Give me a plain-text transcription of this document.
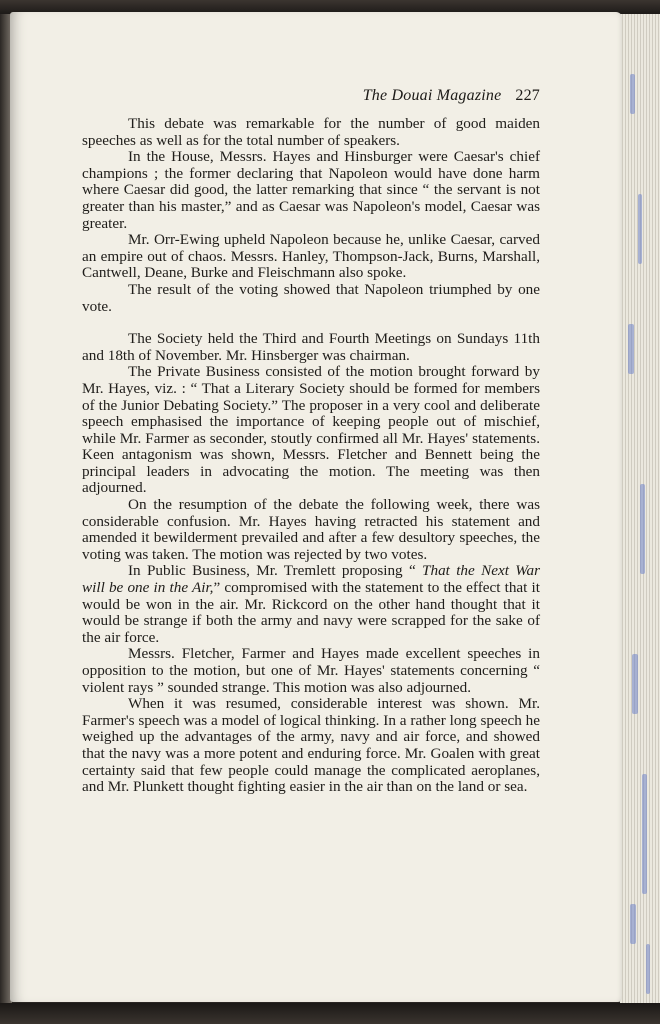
The Douai Magazine 227

This debate was remarkable for the number of good maiden speeches as well as for the total number of speakers.

In the House, Messrs. Hayes and Hinsburger were Caesar's chief champions ; the former declaring that Napoleon would have done harm where Caesar did good, the latter remarking that since “ the servant is not greater than his master,” and as Caesar was Napoleon's model, Caesar was greater.

Mr. Orr-Ewing upheld Napoleon because he, unlike Caesar, carved an empire out of chaos. Messrs. Hanley, Thompson-Jack, Burns, Marshall, Cantwell, Deane, Burke and Fleischmann also spoke.

The result of the voting showed that Napoleon triumphed by one vote.

The Society held the Third and Fourth Meetings on Sundays 11th and 18th of November. Mr. Hinsberger was chairman.

The Private Business consisted of the motion brought forward by Mr. Hayes, viz. : “ That a Literary Society should be formed for members of the Junior Debating Society.” The proposer in a very cool and deliberate speech emphasised the importance of keeping people out of mischief, while Mr. Farmer as seconder, stoutly confirmed all Mr. Hayes' statements. Keen antagonism was shown, Messrs. Fletcher and Bennett being the principal leaders in advocating the motion. The meeting was then adjourned.

On the resumption of the debate the following week, there was considerable confusion. Mr. Hayes having retracted his statement and amended it bewilderment prevailed and after a few desultory speeches, the voting was taken. The motion was rejected by two votes.

In Public Business, Mr. Tremlett proposing “ That the Next War will be one in the Air,” compromised with the statement to the effect that it would be won in the air. Mr. Rickcord on the other hand thought that it would be strange if both the army and navy were scrapped for the sake of the air force.

Messrs. Fletcher, Farmer and Hayes made excellent speeches in opposition to the motion, but one of Mr. Hayes' statements concerning “ violent rays ” sounded strange. This motion was also adjourned.

When it was resumed, considerable interest was shown. Mr. Farmer's speech was a model of logical thinking. In a rather long speech he weighed up the advantages of the army, navy and air force, and showed that the navy was a more potent and enduring force. Mr. Goalen with great certainty said that few people could manage the complicated aeroplanes, and Mr. Plunkett thought fighting easier in the air than on the land or sea.
